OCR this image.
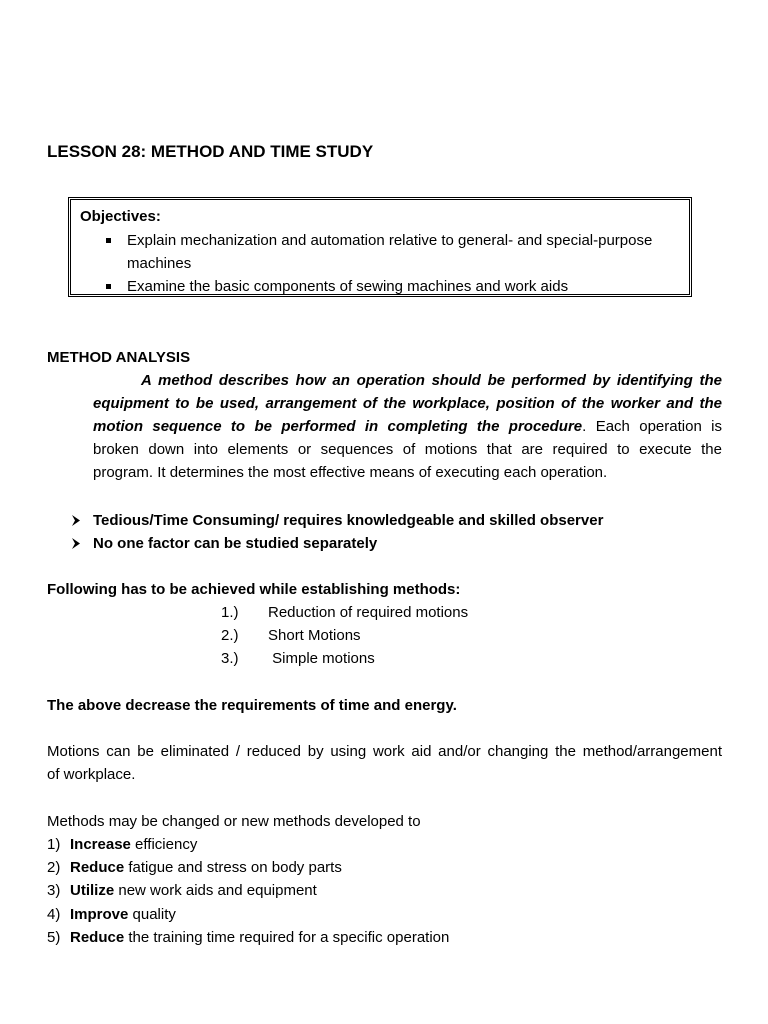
LESSON 28: METHOD AND TIME STUDY
Objectives:
Explain mechanization and automation relative to general- and special-purpose
machines
Examine the basic components of sewing machines and work aids
METHOD ANALYSIS
A method describes how an operation should be performed by identifying the
equipment to be used, arrangement of the workplace, position of the worker and the
motion sequence to be performed in completing the procedure. Each operation is
broken down into elements or sequences of motions that are required to execute the
program. It determines the most effective means of executing each operation.
Tedious/Time Consuming/ requires knowledgeable and skilled observer
No one factor can be studied separately
Following has to be achieved while establishing methods:
1.) Reduction of required motions
2.) Short Motions
3.) Simple motions
The above decrease the requirements of time and energy.
Motions can be eliminated / reduced by using work aid and/or changing the method/arrangement
of workplace.
Methods may be changed or new methods developed to
1) Increase efficiency
2) Reduce fatigue and stress on body parts
3) Utilize new work aids and equipment
4) Improve quality
5) Reduce the training time required for a specific operation
